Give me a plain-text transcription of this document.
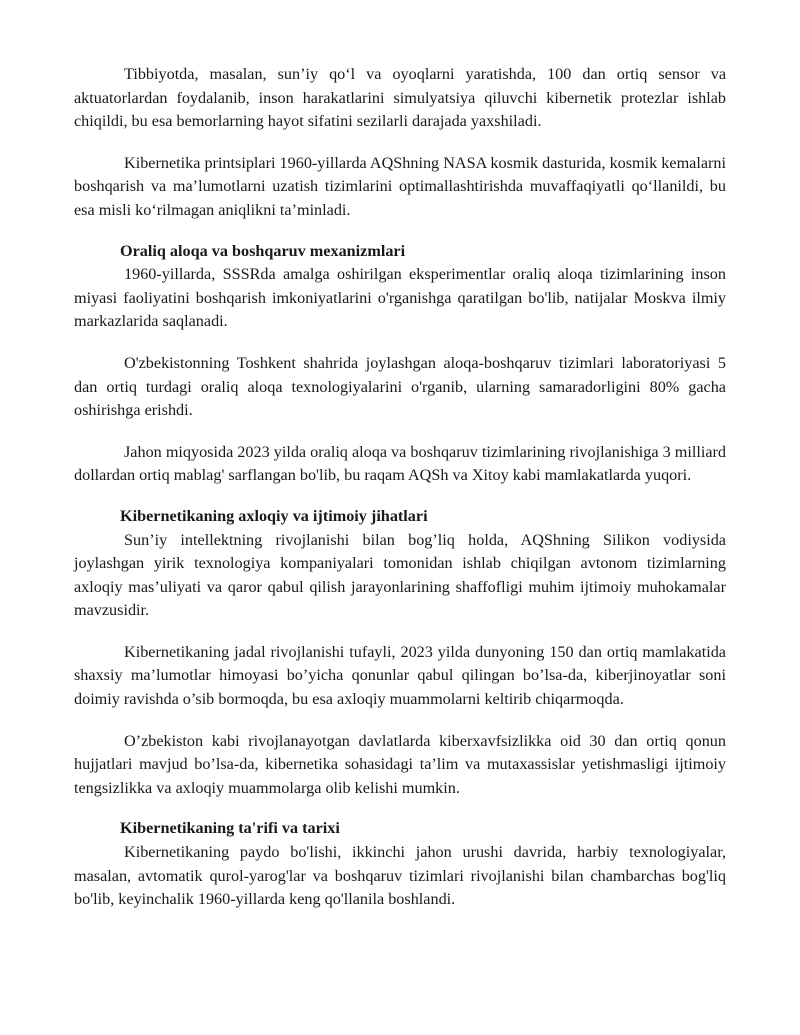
Tibbiyotda, masalan, sun’iy qo‘l va oyoqlarni yaratishda, 100 dan ortiq sensor va aktuatorlardan foydalanib, inson harakatlarini simulyatsiya qiluvchi kibernetik protezlar ishlab chiqildi, bu esa bemorlarning hayot sifatini sezilarli darajada yaxshiladi.

Kibernetika printsiplari 1960-yillarda AQShning NASA kosmik dasturida, kosmik kemalarni boshqarish va ma’lumotlarni uzatish tizimlarini optimallashtirishda muvaffaqiyatli qo‘llanildi, bu esa misli ko‘rilmagan aniqlikni ta’minladi.

Oraliq aloqa va boshqaruv mexanizmlari

1960-yillarda, SSSRda amalga oshirilgan eksperimentlar oraliq aloqa tizimlarining inson miyasi faoliyatini boshqarish imkoniyatlarini o'rganishga qaratilgan bo'lib, natijalar Moskva ilmiy markazlarida saqlanadi.

O'zbekistonning Toshkent shahrida joylashgan aloqa-boshqaruv tizimlari laboratoriyasi 5 dan ortiq turdagi oraliq aloqa texnologiyalarini o'rganib, ularning samaradorligini 80% gacha oshirishga erishdi.

Jahon miqyosida 2023 yilda oraliq aloqa va boshqaruv tizimlarining rivojlanishiga 3 milliard dollardan ortiq mablag' sarflangan bo'lib, bu raqam AQSh va Xitoy kabi mamlakatlarda yuqori.

Kibernetikaning axloqiy va ijtimoiy jihatlari

Sun’iy intellektning rivojlanishi bilan bog’liq holda, AQShning Silikon vodiysida joylashgan yirik texnologiya kompaniyalari tomonidan ishlab chiqilgan avtonom tizimlarning axloqiy mas’uliyati va qaror qabul qilish jarayonlarining shaffofligi muhim ijtimoiy muhokamalar mavzusidir.

Kibernetikaning jadal rivojlanishi tufayli, 2023 yilda dunyoning 150 dan ortiq mamlakatida shaxsiy ma’lumotlar himoyasi bo’yicha qonunlar qabul qilingan bo’lsa-da, kiberjinoyatlar soni doimiy ravishda o’sib bormoqda, bu esa axloqiy muammolarni keltirib chiqarmoqda.

O’zbekiston kabi rivojlanayotgan davlatlarda kiberxavfsizlikka oid 30 dan ortiq qonun hujjatlari mavjud bo’lsa-da, kibernetika sohasidagi ta’lim va mutaxassislar yetishmasligi ijtimoiy tengsizlikka va axloqiy muammolarga olib kelishi mumkin.

Kibernetikaning ta'rifi va tarixi

Kibernetikaning paydo bo'lishi, ikkinchi jahon urushi davrida, harbiy texnologiyalar, masalan, avtomatik qurol-yarog'lar va boshqaruv tizimlari rivojlanishi bilan chambarchas bog'liq bo'lib, keyinchalik 1960-yillarda keng qo'llanila boshlandi.
